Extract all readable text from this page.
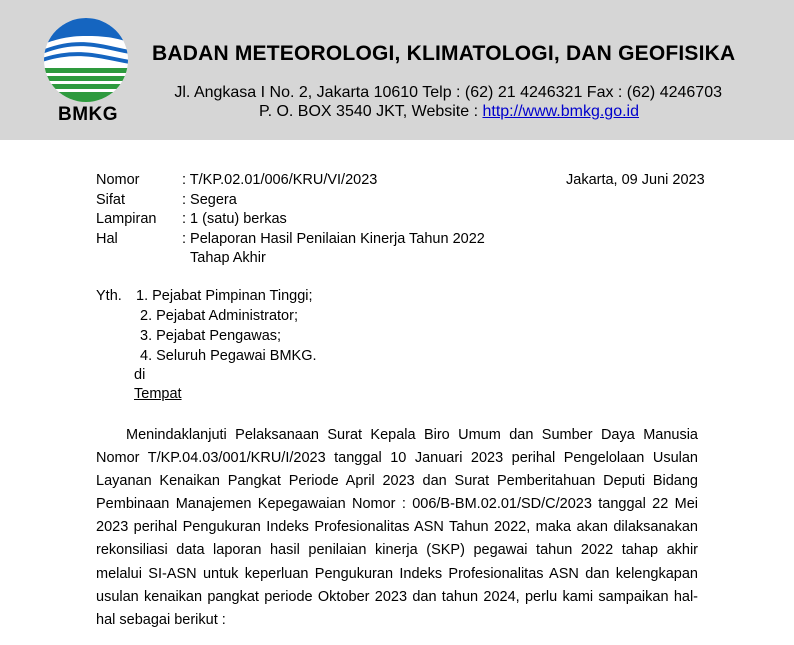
BMKG
BADAN METEOROLOGI, KLIMATOLOGI, DAN GEOFISIKA
Jl. Angkasa I No. 2, Jakarta 10610 Telp : (62) 21 4246321 Fax : (62) 4246703
P. O. BOX 3540 JKT, Website : http://www.bmkg.go.id
Nomor	: T/KP.02.01/006/KRU/VI/2023
Sifat	: Segera
Lampiran : 1 (satu) berkas
Hal	: Pelaporan Hasil Penilaian Kinerja Tahun 2022
Tahap Akhir
Jakarta, 09 Juni 2023
Yth. 1. Pejabat Pimpinan Tinggi;
2. Pejabat Administrator;
3. Pejabat Pengawas;
4. Seluruh Pegawai BMKG.
di
Tempat
Menindaklanjuti Pelaksanaan Surat Kepala Biro Umum dan Sumber Daya Manusia
Nomor T/KP.04.03/001/KRU/I/2023 tanggal 10 Januari 2023 perihal Pengelolaan Usulan
Layanan Kenaikan Pangkat Periode April 2023 dan Surat Pemberitahuan Deputi Bidang
Pembinaan Manajemen Kepegawaian Nomor : 006/B-BM.02.01/SD/C/2023 tanggal 22 Mei
2023 perihal Pengukuran Indeks Profesionalitas ASN Tahun 2022, maka akan dilaksanakan
rekonsiliasi data laporan hasil penilaian kinerja (SKP) pegawai tahun 2022 tahap akhir
melalui SI-ASN untuk keperluan Pengukuran Indeks Profesionalitas ASN dan kelengkapan
usulan kenaikan pangkat periode Oktober 2023 dan tahun 2024, perlu kami sampaikan hal-
hal sebagai berikut :
